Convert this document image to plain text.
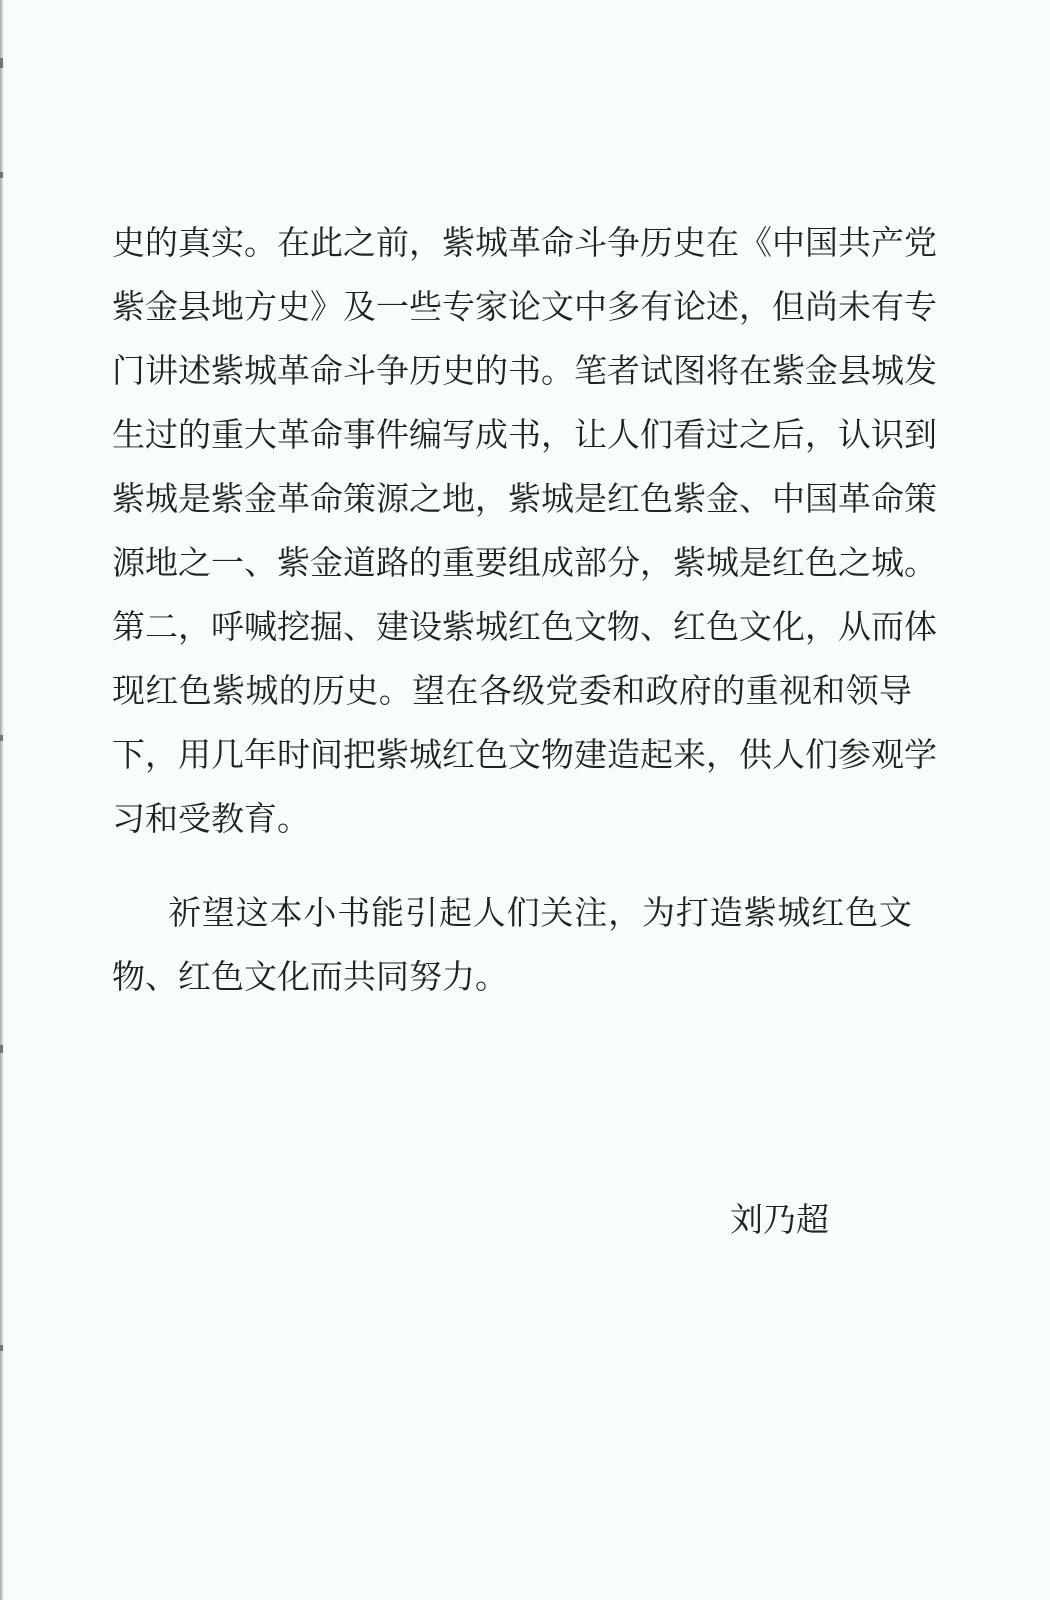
史的真实。在此之前，紫城革命斗争历史在《中国共产党
紫金县地方史》及一些专家论文中多有论述，但尚未有专
门讲述紫城革命斗争历史的书。笔者试图将在紫金县城发
生过的重大革命事件编写成书，让人们看过之后，认识到
紫城是紫金革命策源之地，紫城是红色紫金、中国革命策
源地之一、紫金道路的重要组成部分，紫城是红色之城。
第二，呼喊挖掘、建设紫城红色文物、红色文化，从而体
现红色紫城的历史。望在各级党委和政府的重视和领导
下，用几年时间把紫城红色文物建造起来，供人们参观学
习和受教育。
祈望这本小书能引起人们关注，为打造紫城红色文
物、红色文化而共同努力。
刘乃超
